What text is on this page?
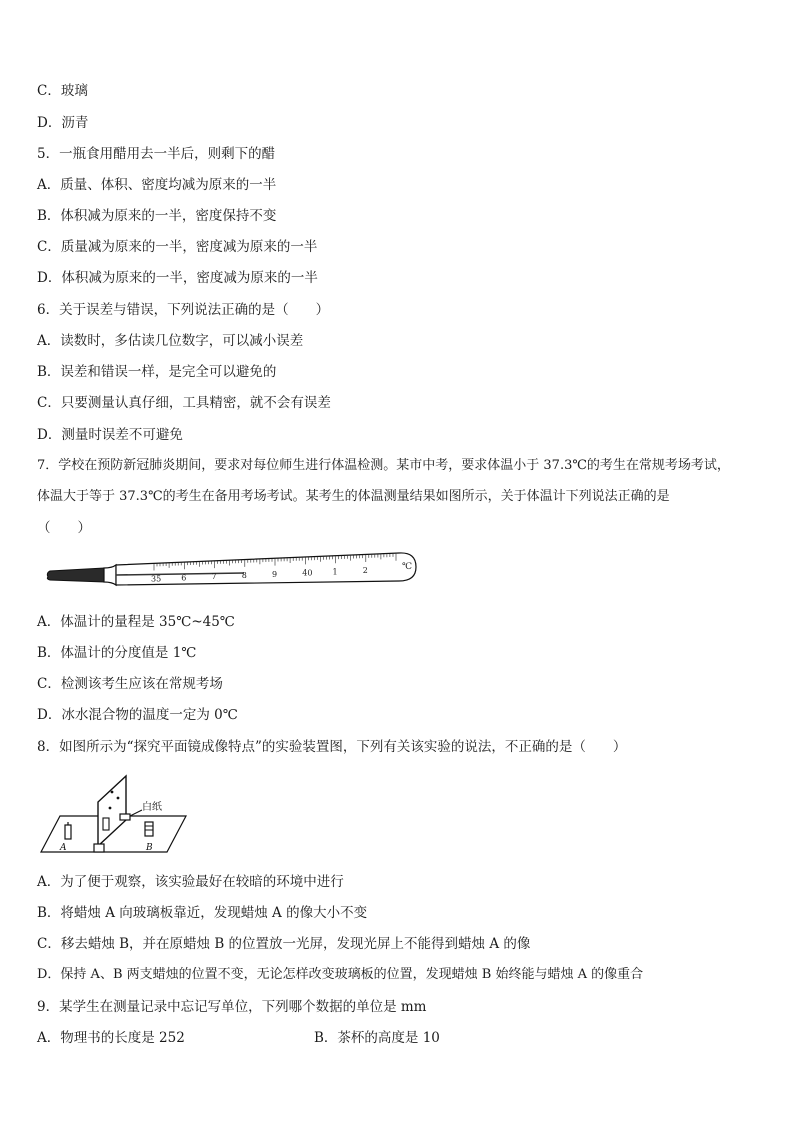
C．玻璃
D．沥青
5．一瓶食用醋用去一半后，则剩下的醋
A．质量、体积、密度均减为原来的一半
B．体积减为原来的一半，密度保持不变
C．质量减为原来的一半，密度减为原来的一半
D．体积减为原来的一半，密度减为原来的一半
6．关于误差与错误，下列说法正确的是（　　）
A．读数时，多估读几位数字，可以减小误差
B．误差和错误一样，是完全可以避免的
C．只要测量认真仔细，工具精密，就不会有误差
D．测量时误差不可避免
7．学校在预防新冠肺炎期间，要求对每位师生进行体温检测。某市中考，要求体温小于 37.3℃的考生在常规考场考试，
体温大于等于 37.3℃的考生在备用考场考试。某考生的体温测量结果如图所示，关于体温计下列说法正确的是
（　　）
35	6	7	8	9	40	1	2	℃
A．体温计的量程是 35℃~45℃
B．体温计的分度值是 1℃
C．检测该考生应该在常规考场
D．冰水混合物的温度一定为 0℃
8．如图所示为“探究平面镜成像特点”的实验装置图，下列有关该实验的说法，不正确的是（　　）
白纸
A	B
A．为了便于观察，该实验最好在较暗的环境中进行
B．将蜡烛 A 向玻璃板靠近，发现蜡烛 A 的像大小不变
C．移去蜡烛 B，并在原蜡烛 B 的位置放一光屏，发现光屏上不能得到蜡烛 A 的像
D．保持 A、B 两支蜡烛的位置不变，无论怎样改变玻璃板的位置，发现蜡烛 B 始终能与蜡烛 A 的像重合
9．某学生在测量记录中忘记写单位，下列哪个数据的单位是 mm
A．物理书的长度是 252	B．茶杯的高度是 10
